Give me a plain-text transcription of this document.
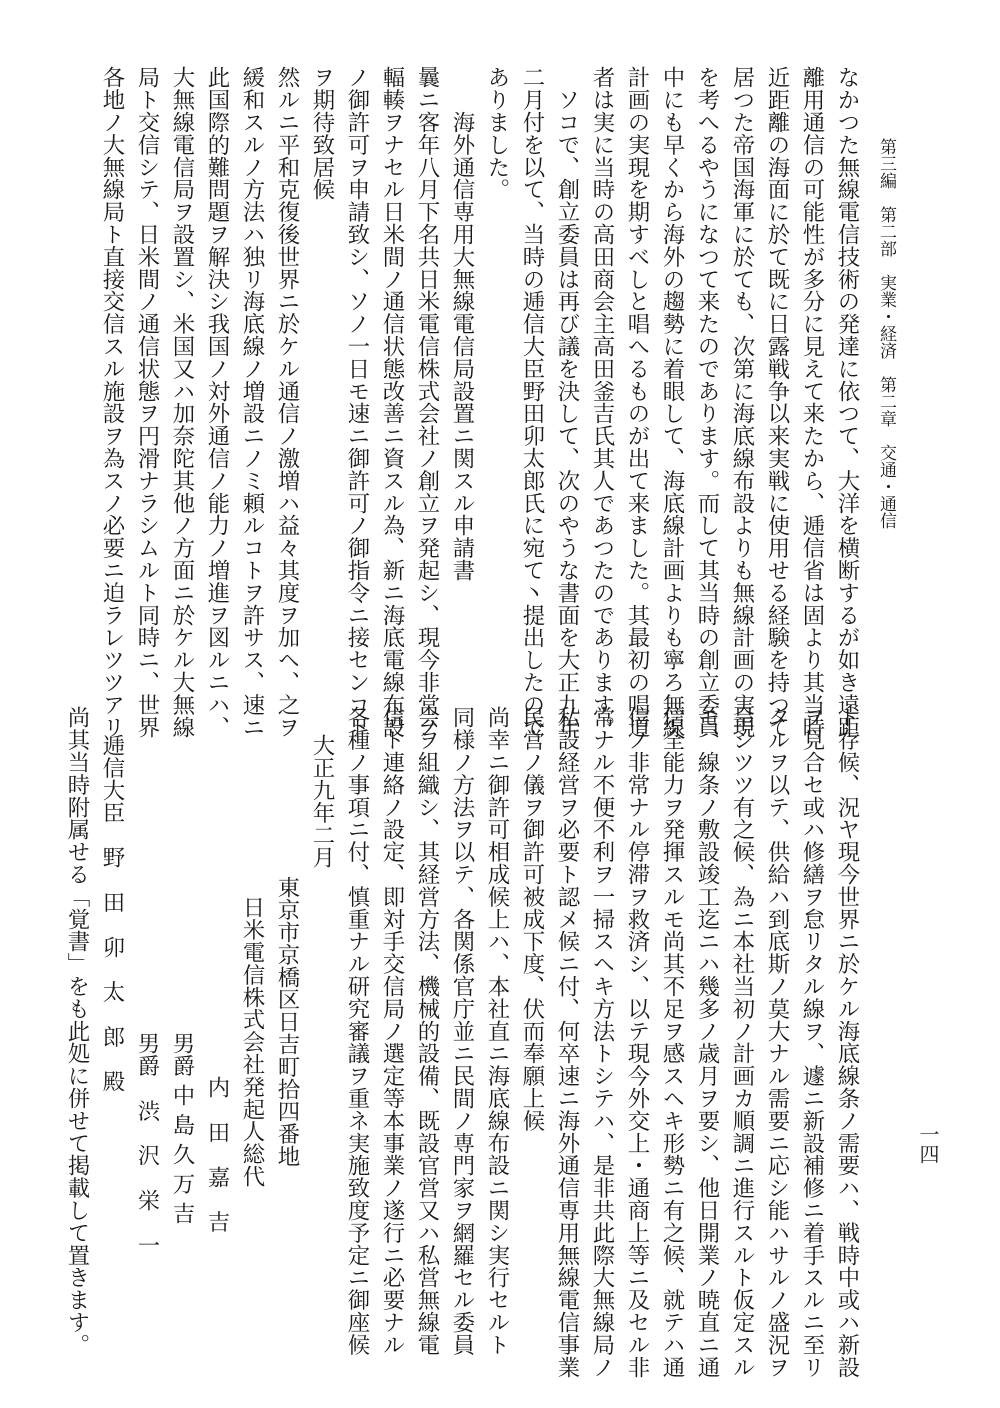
第三編　第二部　実業・経済　第二章　交通・通信
一四
なかつた無線電信技術の発達に依つて、大洋を横断するが如き遠距
離用通信の可能性が多分に見えて来たから、逓信省は固より其当時
近距離の海面に於て既に日露戦争以来実戦に使用せる経験を持つて
居つた帝国海軍に於ても、次第に海底線布設よりも無線計画の実現
を考へるやうになつて来たのであります。而して其当時の創立委員
中にも早くから海外の趨勢に着眼して、海底線計画よりも寧ろ無線
計画の実現を期すべしと唱へるものが出て来ました。其最初の唱道
者は実に当時の高田商会主高田釜吉氏其人であつたのであります。
　ソコで、創立委員は再び議を決して、次のやうな書面を大正九年
二月付を以て、当時の逓信大臣野田卯太郎氏に宛て丶提出したので
ありました。
　　海外通信専用大無線電信局設置ニ関スル申請書
曩ニ客年八月下名共日米電信株式会社ノ創立ヲ発起シ、現今非常ノ
輻輳ヲナセル日米間ノ通信状態改善ニ資スル為、新ニ海底電線布設
ノ御許可ヲ申請致シ、ソノ一日モ速ニ御許可ノ御指令ニ接センコト
ヲ期待致居候
然ルニ平和克復後世界ニ於ケル通信ノ激増ハ益々其度ヲ加ヘ、之ヲ
緩和スルノ方法ハ独リ海底線ノ増設ニノミ頼ルコトヲ許サス、速ニ
此国際的難問題ヲ解決シ我国ノ対外通信ノ能力ノ増進ヲ図ルニハ、
大無線電信局ヲ設置シ、米国又ハ加奈陀其他ノ方面ニ於ケル大無線
局ト交信シテ、日米間ノ通信状態ヲ円滑ナラシムルト同時ニ、世界
各地ノ大無線局ト直接交信スル施設ヲ為スノ必要ニ迫ラレツツアリ
ト存候、況ヤ現今世界ニ於ケル海底線条ノ需要ハ、戦時中或ハ新設
ヲ見合セ或ハ修繕ヲ怠リタル線ヲ、遽ニ新設補修ニ着手スルニ至リ
タルヲ以テ、供給ハ到底斯ノ莫大ナル需要ニ応シ能ハサルノ盛況ヲ
呈シツツ有之候、為ニ本社当初ノ計画カ順調ニ進行スルト仮定スル
モ、線条ノ敷設竣工迄ニハ幾多ノ歳月ヲ要シ、他日開業ノ暁直ニ通
信全能力ヲ発揮スルモ尚其不足ヲ感スヘキ形勢ニ有之候、就テハ通
信ノ非常ナル停滞ヲ救済シ、以テ現今外交上・通商上等ニ及セル非
常ナル不便不利ヲ一掃スヘキ方法トシテハ、是非共此際大無線局ノ
私設経営ヲ必要ト認メ候ニ付、何卒速ニ海外通信専用無線電信事業
民営ノ儀ヲ御許可被成下度、伏而奉願上候
尚幸ニ御許可相成候上ハ、本社直ニ海底線布設ニ関シ実行セルト
同様ノ方法ヲ以テ、各関係官庁並ニ民間ノ専門家ヲ網羅セル委員
会ヲ組織シ、其経営方法、機械的設備、既設官営又ハ私営無線電
信ト連絡ノ設定、即対手交信局ノ選定等本事業ノ遂行ニ必要ナル
各種ノ事項ニ付、慎重ナル研究審議ヲ重ネ実施致度予定ニ御座候
大正九年二月
東京市京橋区日吉町拾四番地
日米電信株式会社発起人総代
内　田　嘉　吉
男爵 中 島 久 万 吉
男爵　渋　沢　栄　一
逓信大臣　野　田　卯　太　郎　殿
尚其当時附属せる「覚書」をも此処に併せて掲載して置きます。
